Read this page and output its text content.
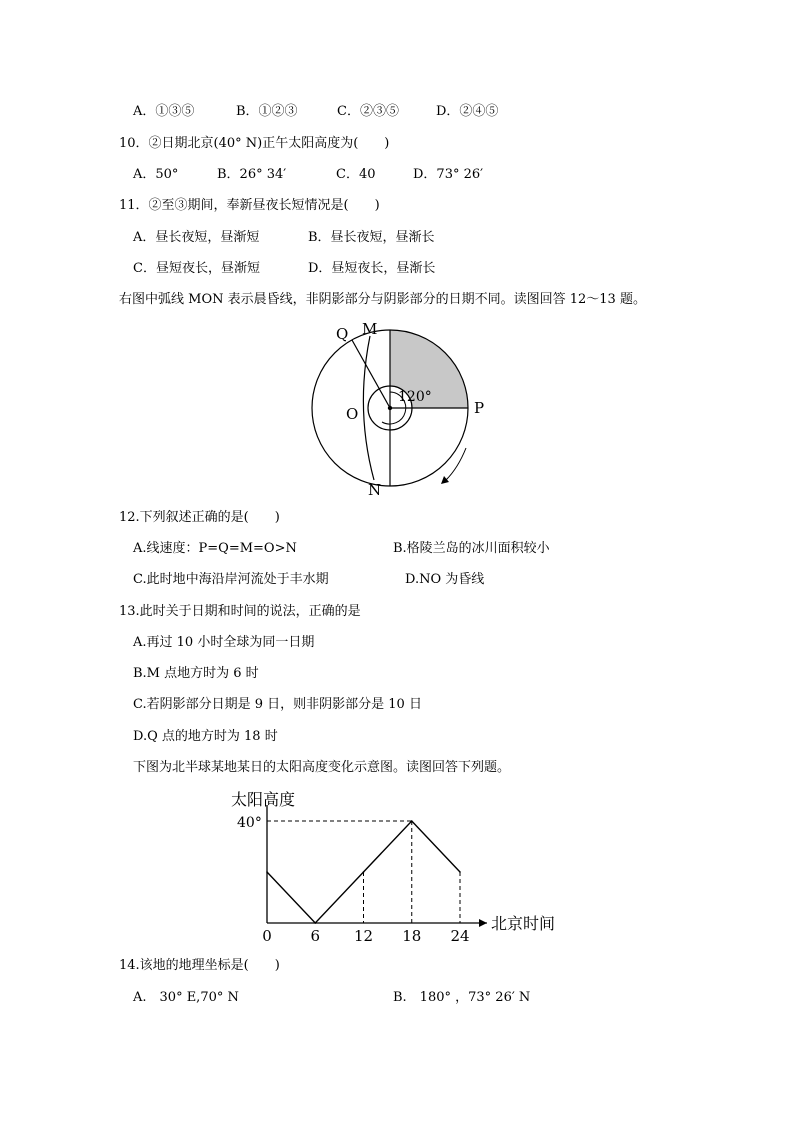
A．①③⑤	B．①②③	C．②③⑤	D．②④⑤
10．②日期北京(40° N)正午太阳高度为(　　)
A．50°	B．26° 34′	C．40	D．73° 26′
11．②至③期间，奉新昼夜长短情况是(　　)
A．昼长夜短，昼渐短	B．昼长夜短，昼渐长
C．昼短夜长，昼渐短	D．昼短夜长，昼渐长
右图中弧线 MON 表示晨昏线，非阴影部分与阴影部分的日期不同。读图回答 12～13 题。
Q M
O	P
N
120°
12.下列叙述正确的是(　　)
A.线速度：P=Q=M=O>N	B.格陵兰岛的冰川面积较小
C.此时地中海沿岸河流处于丰水期	D.NO 为昏线
13.此时关于日期和时间的说法，正确的是
A.再过 10 小时全球为同一日期
B.M 点地方时为 6 时
C.若阴影部分日期是 9 日，则非阴影部分是 10 日
D.Q 点的地方时为 18 时
下图为北半球某地某日的太阳高度变化示意图。读图回答下列题。
太阳高度
北京时间
40°
0	6 12 18 24
14.该地的地理坐标是(　　)
A.　30° E,70° N	B.　180° ，73° 26′ N
